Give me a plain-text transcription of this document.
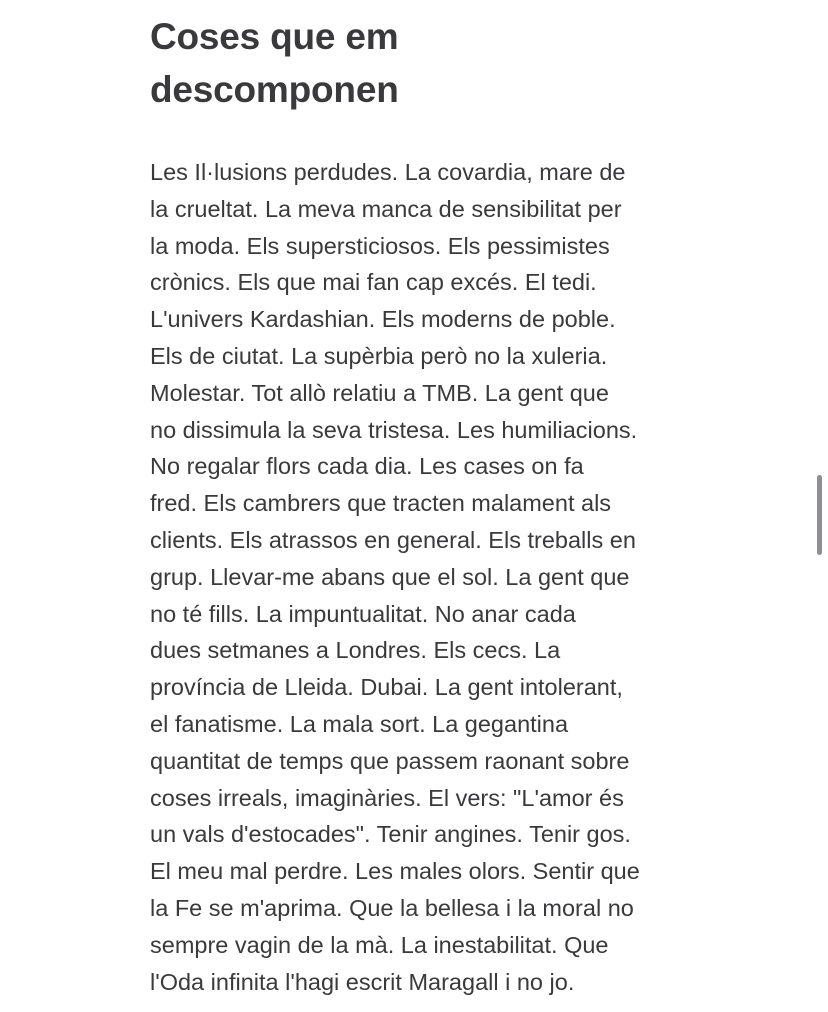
Coses que em
descomponen
Les Il·lusions perdudes. La covardia, mare de
la crueltat. La meva manca de sensibilitat per
la moda. Els supersticiosos. Els pessimistes
crònics. Els que mai fan cap excés. El tedi.
L'univers Kardashian. Els moderns de poble.
Els de ciutat. La supèrbia però no la xuleria.
Molestar. Tot allò relatiu a TMB. La gent que
no dissimula la seva tristesa. Les humiliacions.
No regalar flors cada dia. Les cases on fa
fred. Els cambrers que tracten malament als
clients. Els atrassos en general. Els treballs en
grup. Llevar-me abans que el sol. La gent que
no té fills. La impuntualitat. No anar cada
dues setmanes a Londres. Els cecs. La
província de Lleida. Dubai. La gent intolerant,
el fanatisme. La mala sort. La gegantina
quantitat de temps que passem raonant sobre
coses irreals, imaginàries. El vers: "L'amor és
un vals d'estocades". Tenir angines. Tenir gos.
El meu mal perdre. Les males olors. Sentir que
la Fe se m'aprima. Que la bellesa i la moral no
sempre vagin de la mà. La inestabilitat. Que
l'Oda infinita l'hagi escrit Maragall i no jo.
